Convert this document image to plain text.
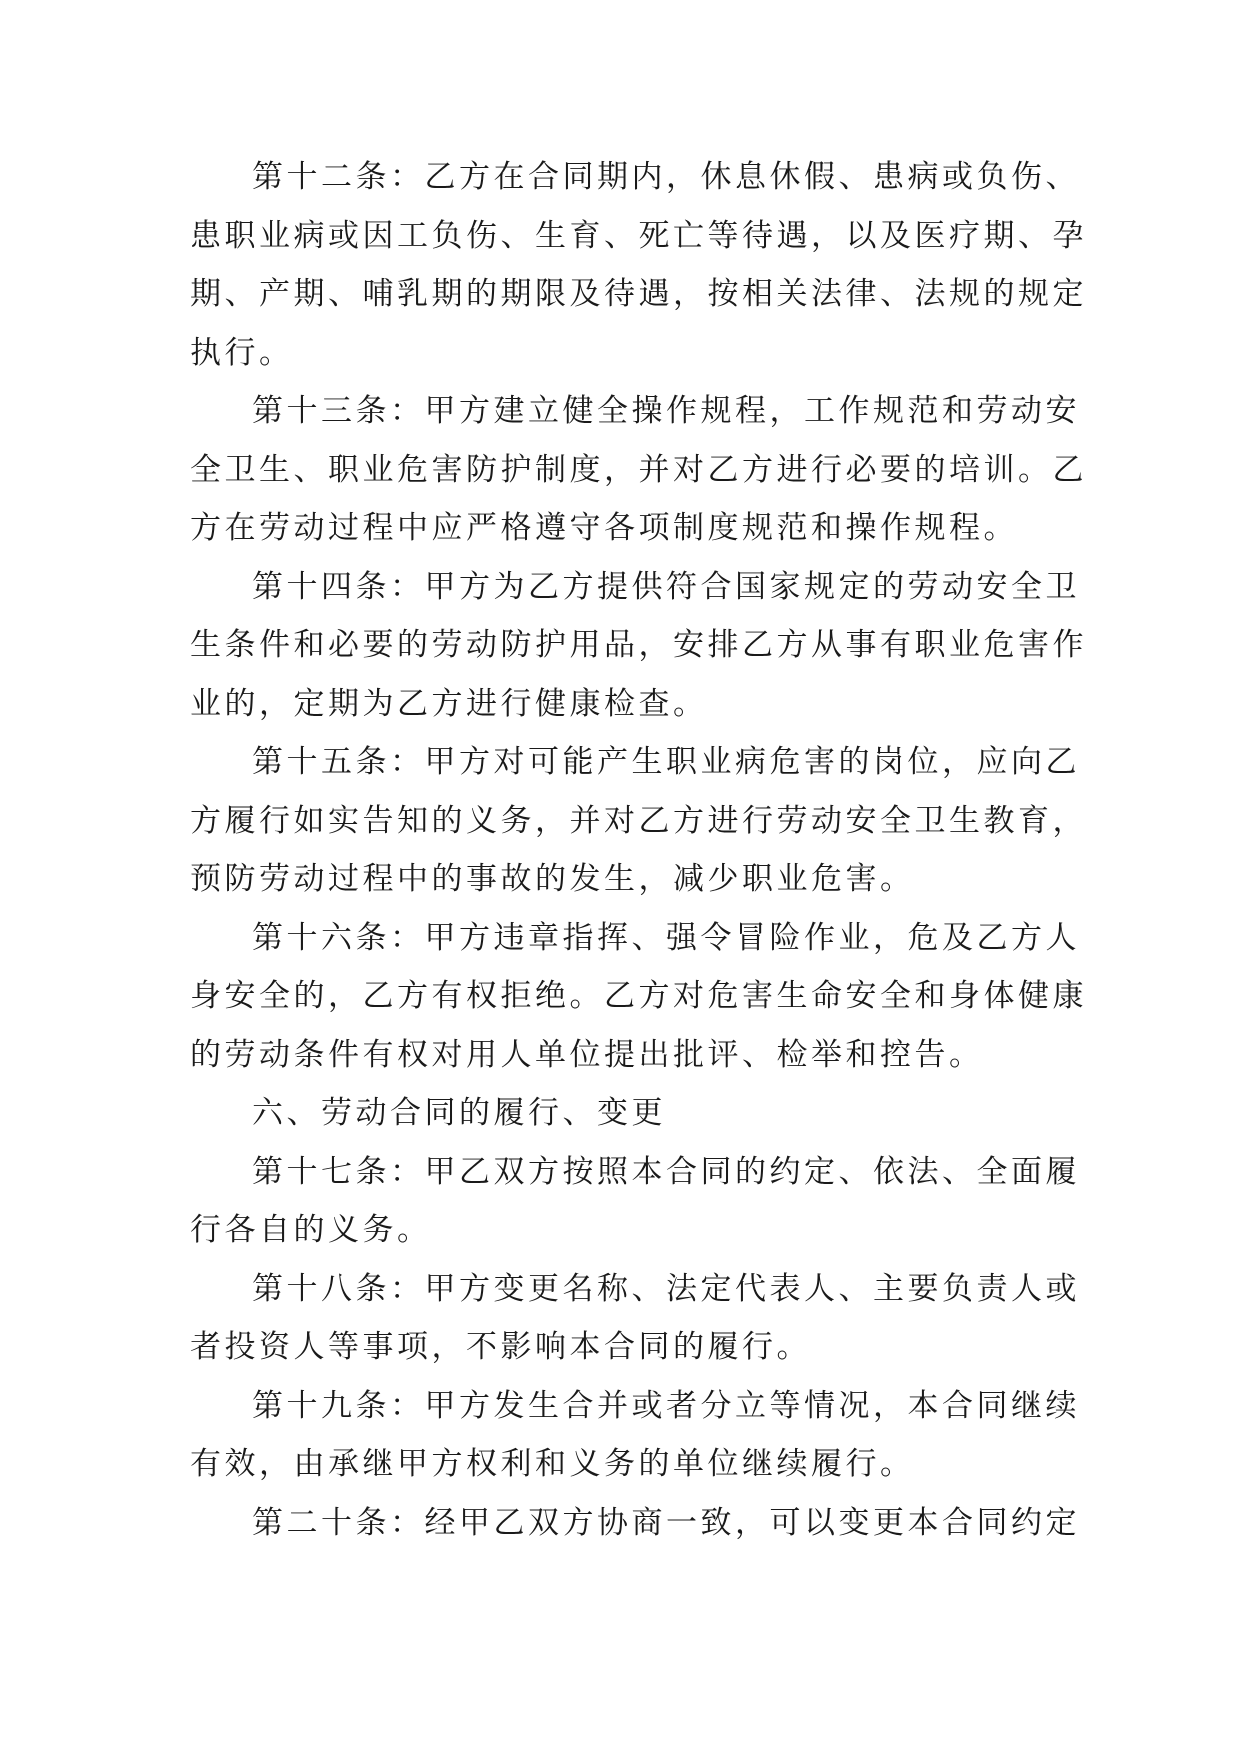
第十二条：乙方在合同期内，休息休假、患病或负伤、
患职业病或因工负伤、生育、死亡等待遇，以及医疗期、孕
期、产期、哺乳期的期限及待遇，按相关法律、法规的规定
执行。

第十三条：甲方建立健全操作规程，工作规范和劳动安
全卫生、职业危害防护制度，并对乙方进行必要的培训。乙
方在劳动过程中应严格遵守各项制度规范和操作规程。

第十四条：甲方为乙方提供符合国家规定的劳动安全卫
生条件和必要的劳动防护用品，安排乙方从事有职业危害作
业的，定期为乙方进行健康检查。

第十五条：甲方对可能产生职业病危害的岗位，应向乙
方履行如实告知的义务，并对乙方进行劳动安全卫生教育，
预防劳动过程中的事故的发生，减少职业危害。

第十六条：甲方违章指挥、强令冒险作业，危及乙方人
身安全的，乙方有权拒绝。乙方对危害生命安全和身体健康
的劳动条件有权对用人单位提出批评、检举和控告。

六、劳动合同的履行、变更

第十七条：甲乙双方按照本合同的约定、依法、全面履
行各自的义务。

第十八条：甲方变更名称、法定代表人、主要负责人或
者投资人等事项，不影响本合同的履行。

第十九条：甲方发生合并或者分立等情况，本合同继续
有效，由承继甲方权利和义务的单位继续履行。

第二十条：经甲乙双方协商一致，可以变更本合同约定
